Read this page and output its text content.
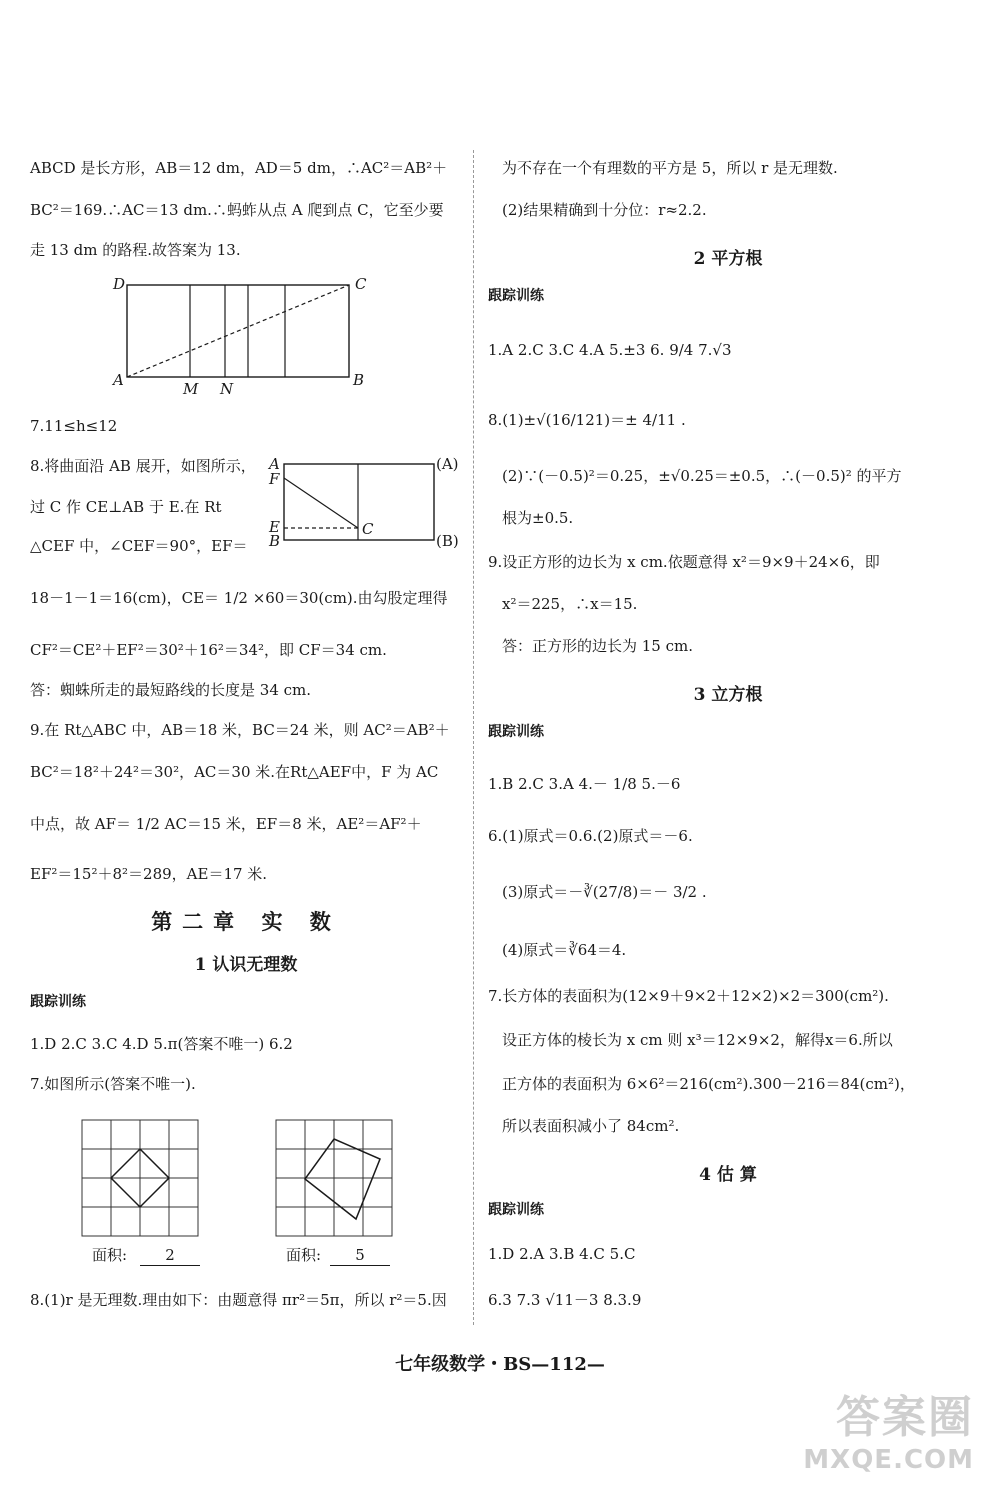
ABCD 是长方形，AB＝12 dm，AD＝5 dm，∴AC²＝AB²＋
BC²＝169.∴AC＝13 dm.∴蚂蚱从点 A 爬到点 C，它至少要
走 13 dm 的路程.故答案为 13.
D	C
A	M N	B
7.11≤h≤12
8.将曲面沿 AB 展开，如图所示，
过 C 作 CE⊥AB 于 E.在 Rt
△CEF 中，∠CEF＝90°，EF＝
A
F
E
B
C
(A)
(B)
18－1－1＝16(cm)，CE＝ 1/2 ×60＝30(cm).由勾股定理得
CF²＝CE²＋EF²＝30²＋16²＝34²，即 CF＝34 cm.
答：蜘蛛所走的最短路线的长度是 34 cm.
9.在 Rt△ABC 中，AB＝18 米，BC＝24 米，则 AC²＝AB²＋
BC²＝18²＋24²＝30²，AC＝30 米.在Rt△AEF中，F 为 AC
中点，故 AF＝ 1/2 AC＝15 米，EF＝8 米，AE²＝AF²＋
EF²＝15²＋8²＝289，AE＝17 米.
第二章 实 数
1 认识无理数
跟踪训练
1.D 2.C 3.C 4.D 5.π(答案不唯一) 6.2
7.如图所示(答案不唯一).
面积:	2	面积:	5
8.(1)r 是无理数.理由如下：由题意得 πr²＝5π，所以 r²＝5.因
为不存在一个有理数的平方是 5，所以 r 是无理数.
(2)结果精确到十分位：r≈2.2.
2 平方根
跟踪训练
1.A 2.C 3.C 4.A 5.±3 6. 9/4 7.√3
8.(1)±√(16/121)＝± 4/11 .
(2)∵(－0.5)²＝0.25，±√0.25＝±0.5，∴(－0.5)² 的平方
根为±0.5.
9.设正方形的边长为 x cm.依题意得 x²＝9×9＋24×6，即
x²＝225，∴x＝15.
答：正方形的边长为 15 cm.
3 立方根
跟踪训练
1.B 2.C 3.A 4.－ 1/8 5.－6
6.(1)原式＝0.6.(2)原式＝－6.
(3)原式＝－∛(27/8)＝－ 3/2 .
(4)原式＝∛64＝4.
7.长方体的表面积为(12×9＋9×2＋12×2)×2＝300(cm²).
设正方体的棱长为 x cm 则 x³＝12×9×2，解得x＝6.所以
正方体的表面积为 6×6²＝216(cm²).300－216＝84(cm²)，
所以表面积减小了 84cm².
4 估 算
跟踪训练
1.D 2.A 3.B 4.C 5.C
6.3 7.3 √11－3 8.3.9
七年级数学・BS—112—
答案圈
MXQE.COM
